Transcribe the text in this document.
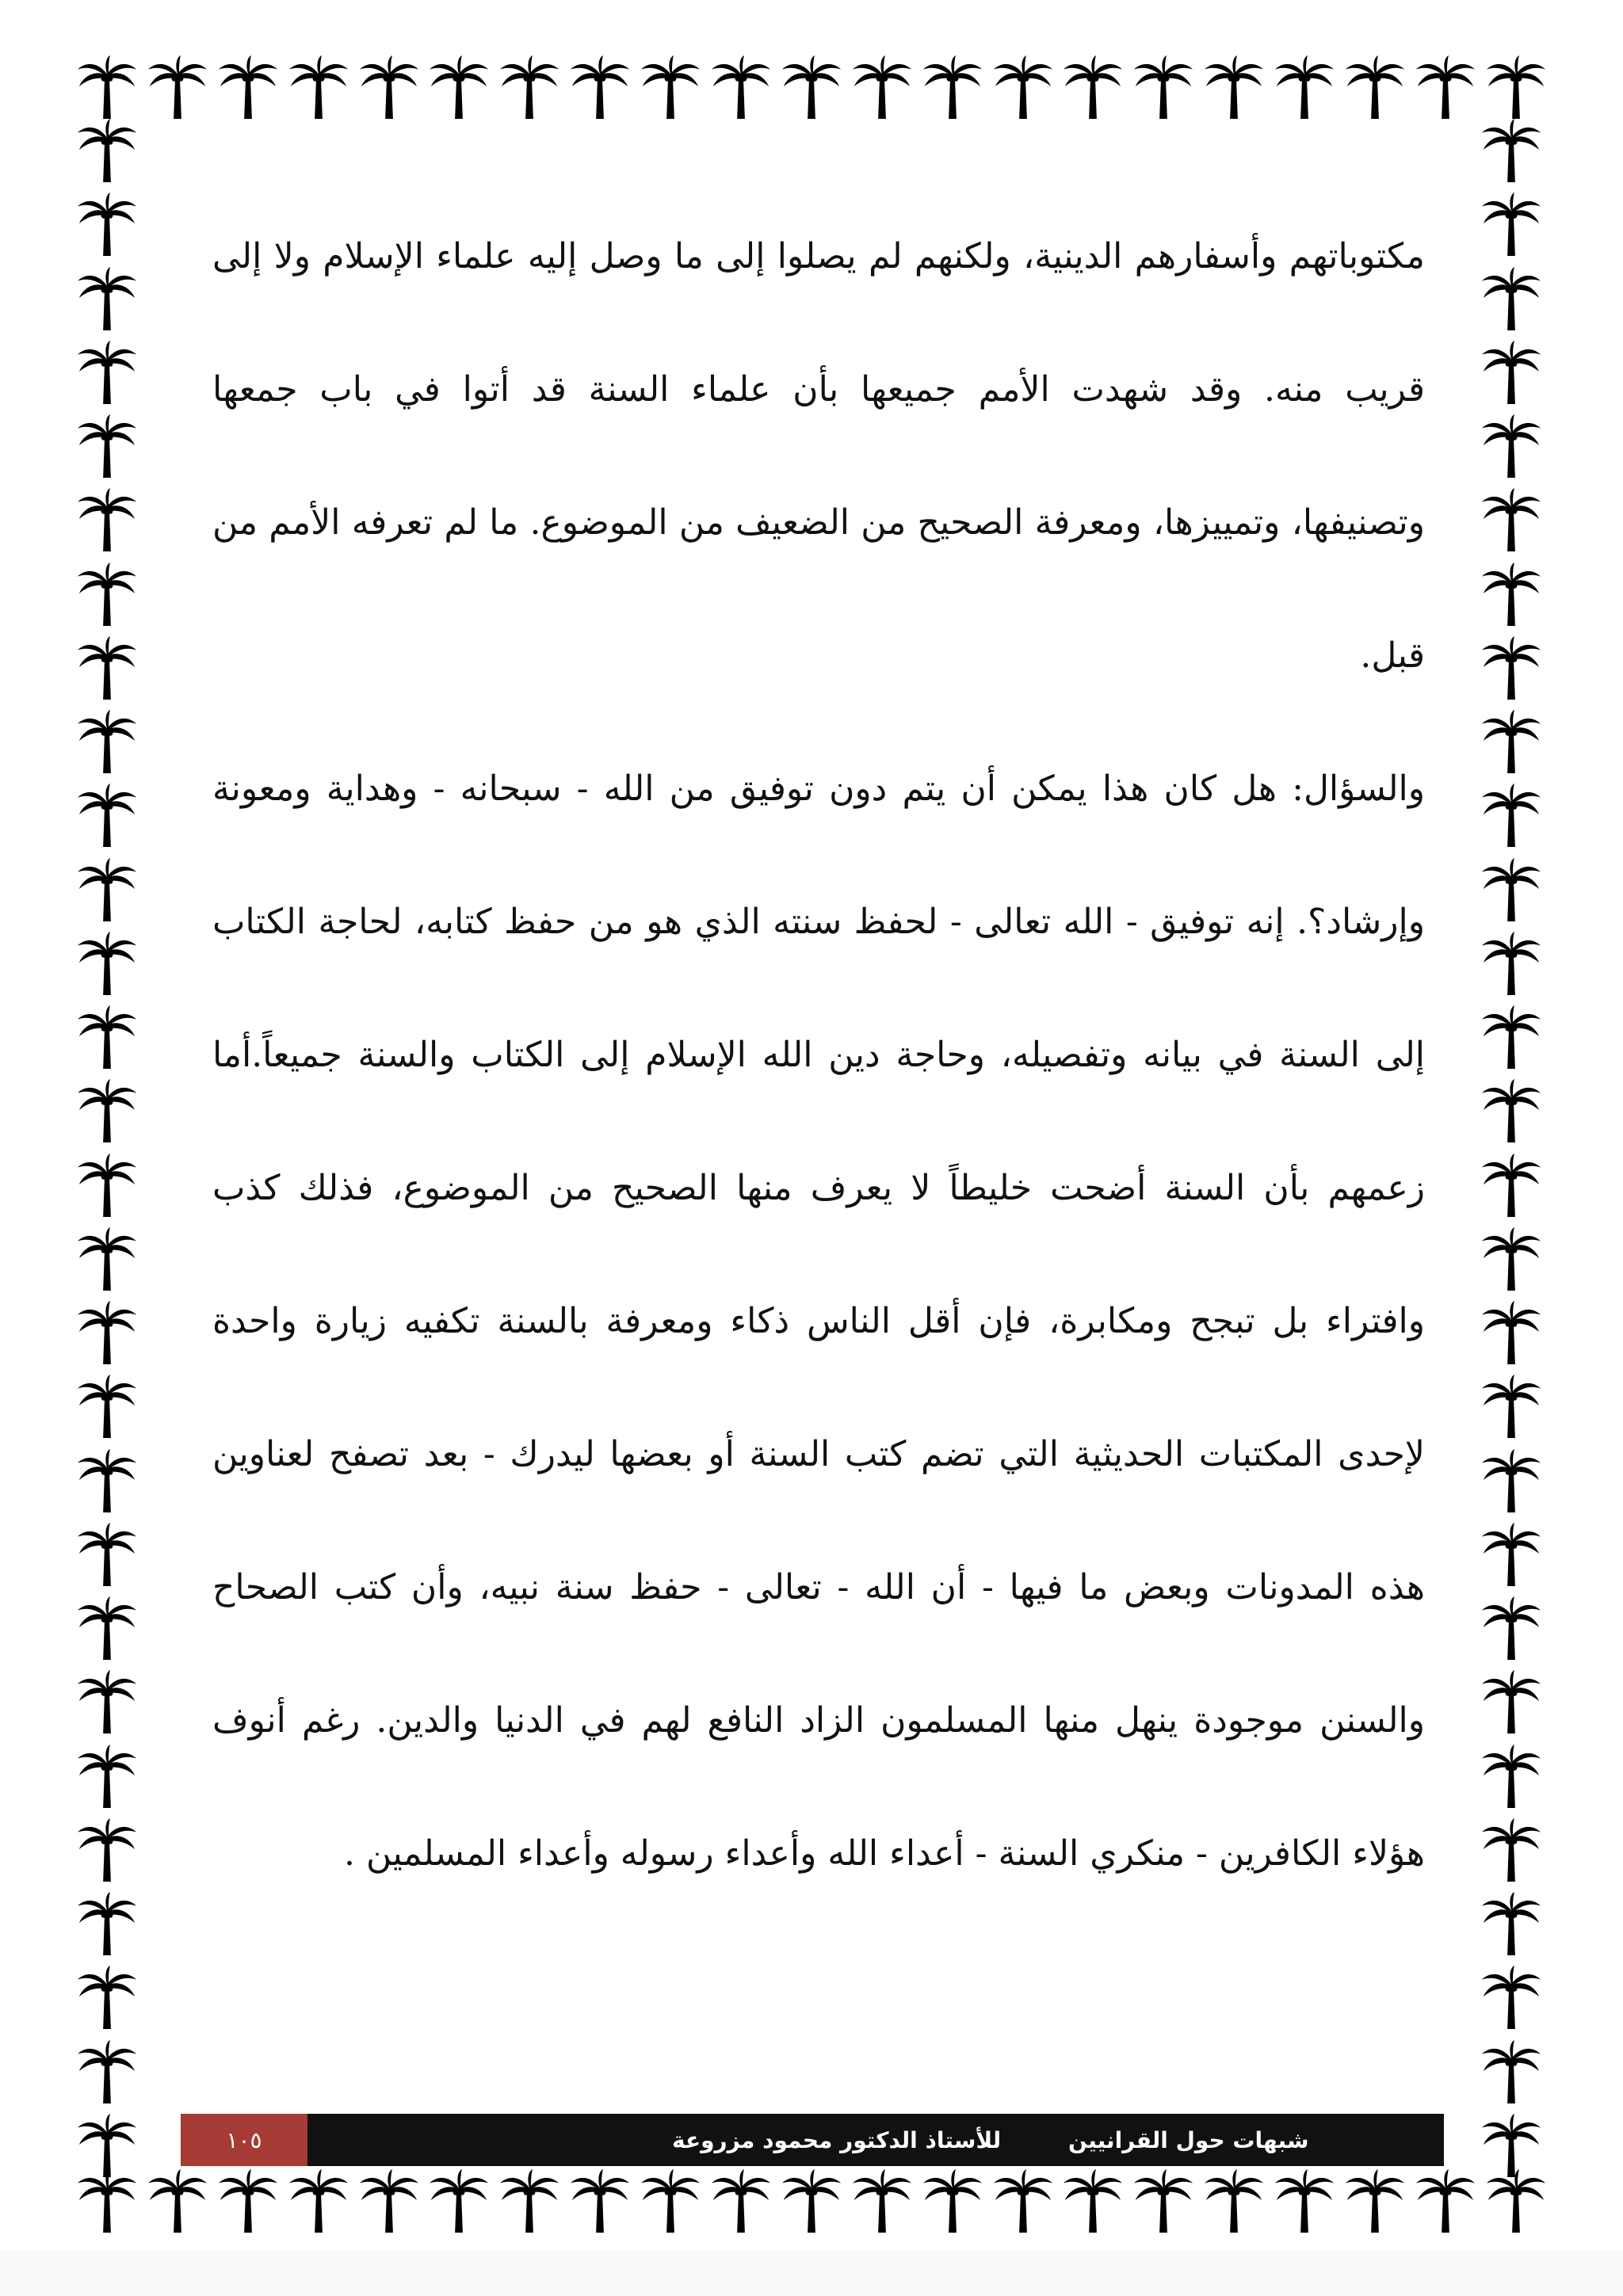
مكتوباتهم وأسفارهم الدينية، ولكنهم لم يصلوا إلى ما وصل إليه علماء الإسلام ولا إلى قريب منه. وقد شهدت الأمم جميعها بأن علماء السنة قد أتوا في باب جمعها وتصنيفها، وتمييزها، ومعرفة الصحيح من الضعيف من الموضوع. ما لم تعرفه الأمم من قبل.

والسؤال: هل كان هذا يمكن أن يتم دون توفيق من الله - سبحانه - وهداية ومعونة وإرشاد؟. إنه توفيق - الله تعالى - لحفظ سنته الذي هو من حفظ كتابه، لحاجة الكتاب إلى السنة في بيانه وتفصيله، وحاجة دين الله الإسلام إلى الكتاب والسنة جميعاً.أما زعمهم بأن السنة أضحت خليطاً لا يعرف منها الصحيح من الموضوع، فذلك كذب وافتراء بل تبجح ومكابرة، فإن أقل الناس ذكاء ومعرفة بالسنة تكفيه زيارة واحدة لإحدى المكتبات الحديثية التي تضم كتب السنة أو بعضها ليدرك - بعد تصفح لعناوين هذه المدونات وبعض ما فيها - أن الله - تعالى - حفظ سنة نبيه، وأن كتب الصحاح والسنن موجودة ينهل منها المسلمون الزاد النافع لهم في الدنيا والدين. رغم أنوف هؤلاء الكافرين - منكري السنة - أعداء الله وأعداء رسوله وأعداء المسلمين .

١٠٥	للأستاذ الدكتور محمود مزروعة	شبهات حول القرانيين
